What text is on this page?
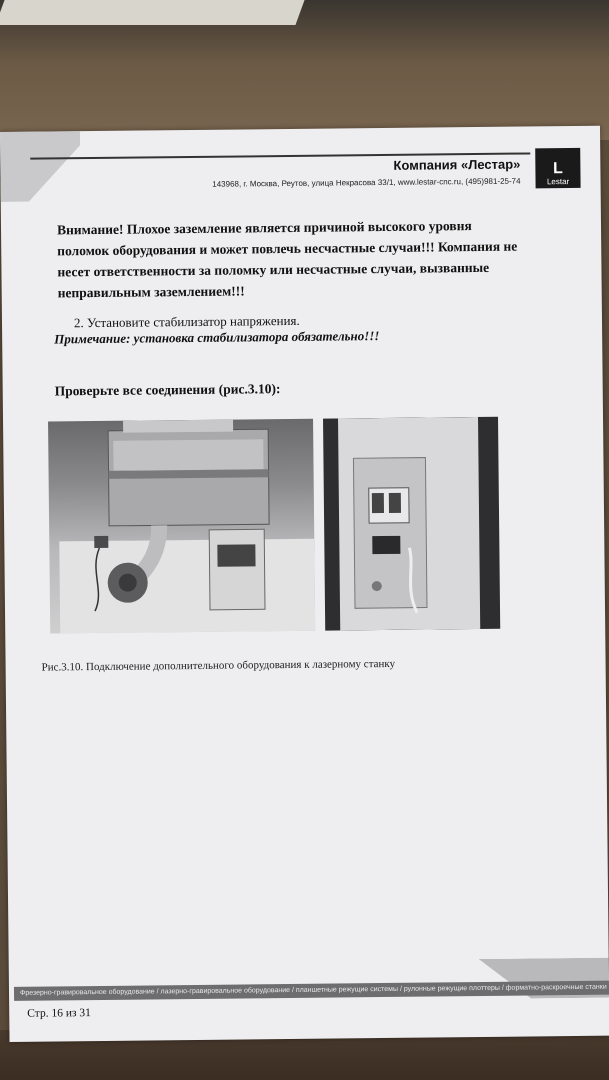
Компания «Лестар»
143968, г. Москва, Реутов, улица Некрасова 33/1, www.lestar-cnc.ru, (495)981-25-74
L
Lestar
Внимание! Плохое заземление является причиной высокого уровня
поломок оборудования и может повлечь несчастные случаи!!! Компания не
несет ответственности за поломку или несчастные случаи, вызванные
неправильным заземлением!!!
2. Установите стабилизатор напряжения.
Примечание: установка стабилизатора обязательно!!!
Проверьте все соединения (рис.3.10):
Рис.3.10. Подключение дополнительного оборудования к лазерному станку
Фрезерно-гравировальное оборудование / лазерно-гравировальное оборудование / планшетные режущие системы / рулонные режущие плоттеры / форматно-раскроечные станки
Стр. 16 из 31
